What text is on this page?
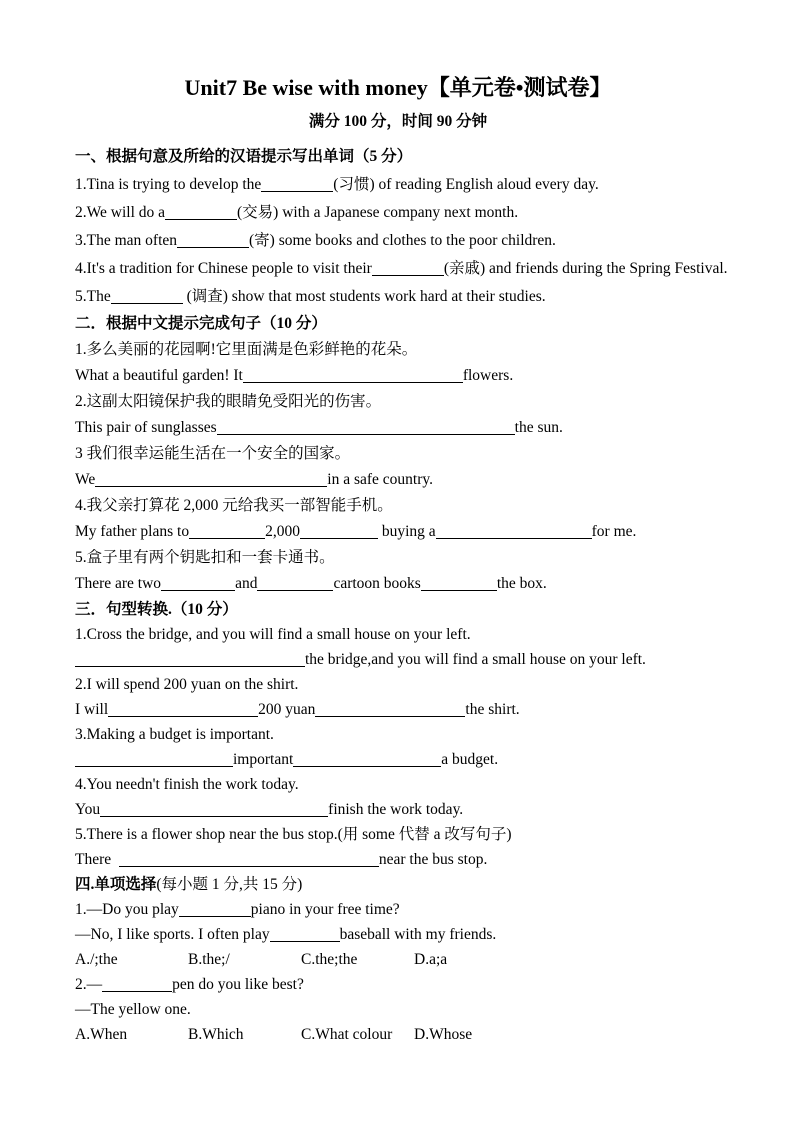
Unit7 Be wise with money【单元卷•测试卷】
满分 100 分，时间 90 分钟
一、根据句意及所给的汉语提示写出单词（5 分）
1.Tina is trying to develop the	(习惯) of reading English aloud every day.
2.We will do a	(交易) with a Japanese company next month.
3.The man often	(寄) some books and clothes to the poor children.
4.It's a tradition for Chinese people to visit their	(亲戚) and friends during the Spring Festival.
5.The	(调查) show that most students work hard at their studies.
二．根据中文提示完成句子（10 分）
1.多么美丽的花园啊!它里面满是色彩鲜艳的花朵。
What a beautiful garden! It	flowers.
2.这副太阳镜保护我的眼睛免受阳光的伤害。
This pair of sunglasses	the sun.
3 我们很幸运能生活在一个安全的国家。
We	in a safe country.
4.我父亲打算花 2,000 元给我买一部智能手机。
My father plans to	2,000	buying a	for me.
5.盒子里有两个钥匙扣和一套卡通书。
There are two	and	cartoon books	the box.
三．句型转换.（10 分）
1.Cross the bridge, and you will find a small house on your left.
the bridge,and you will find a small house on your left.
2.I will spend 200 yuan on the shirt.
I will	200 yuan	the shirt.
3.Making a budget is important.
important	a budget.
4.You needn't finish the work today.
You	finish the work today.
5.There is a flower shop near the bus stop.(用 some 代替 a 改写句子)
There	near the bus stop.
四.单项选择(每小题 1 分,共 15 分)
1.—Do you play	piano in your free time?
—No, I like sports. I often play	baseball with my friends.
A./;the	B.the;/	C.the;the	D.a;a
2.—	pen do you like best?
—The yellow one.
A.When	B.Which	C.What colour D.Whose
